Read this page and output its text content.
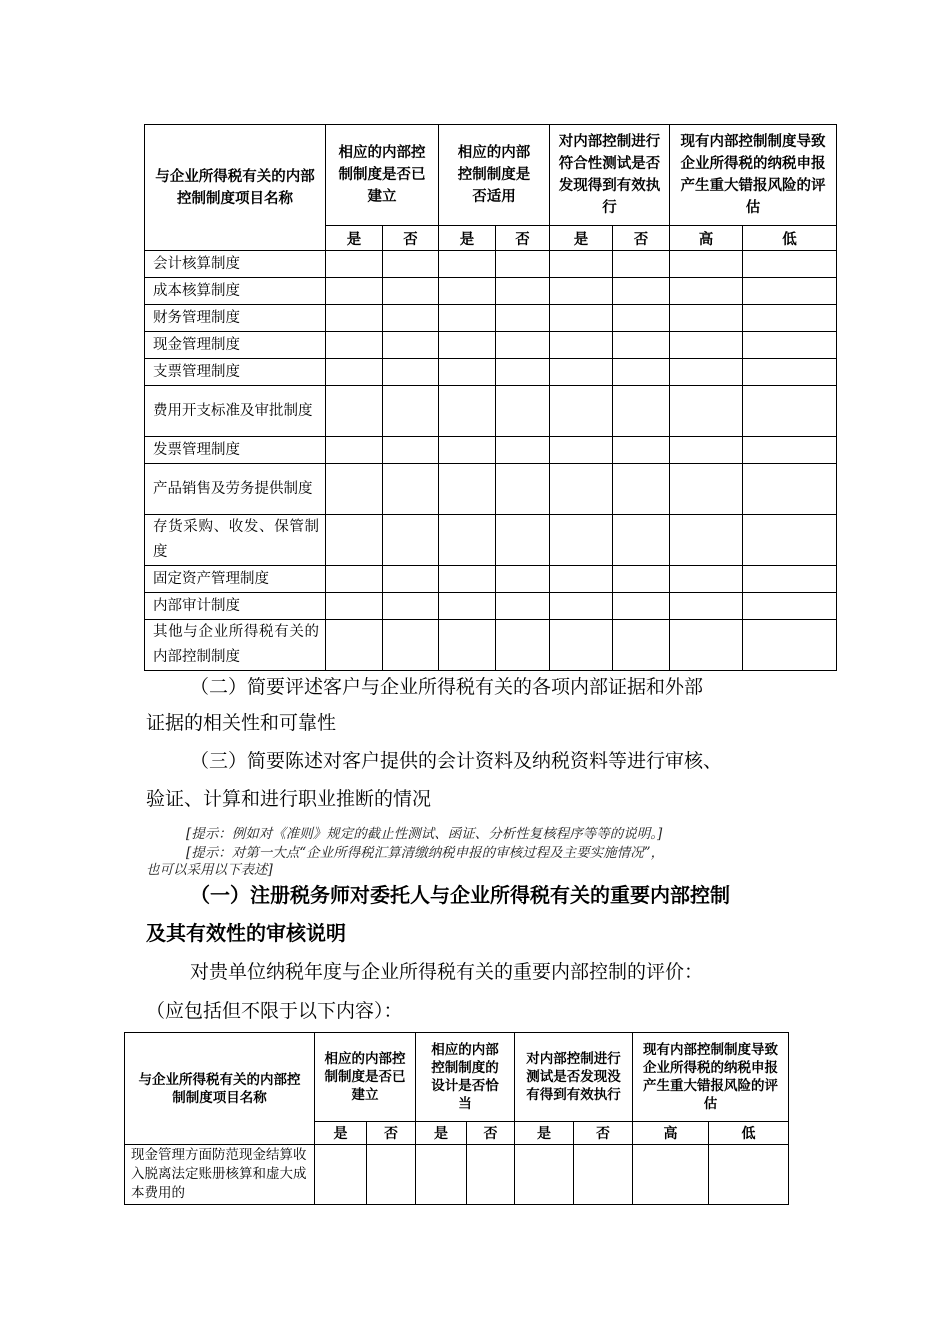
与企业所得税有关的内部控制制度项目名称	相应的内部控制制度是否已建立		相应的内部控制制度是否适用		对内部控制进行符合性测试是否发现得到有效执行		现有内部控制制度导致企业所得税的纳税申报产生重大错报风险的评估	
	是	否	是	否	是	否	高	低
会计核算制度								
成本核算制度								
财务管理制度								
现金管理制度								
支票管理制度								
费用开支标准及审批制度								
发票管理制度								
产品销售及劳务提供制度								
存货采购、收发、保管制度								
固定资产管理制度								
内部审计制度								
其他与企业所得税有关的内部控制制度								
（二）简要评述客户与企业所得税有关的各项内部证据和外部
证据的相关性和可靠性
（三）简要陈述对客户提供的会计资料及纳税资料等进行审核、
验证、计算和进行职业推断的情况
[提示：例如对《准则》规定的截止性测试、函证、分析性复核程序等等的说明。]
[提示：对第一大点“企业所得税汇算清缴纳税申报的审核过程及主要实施情况”，
也可以采用以下表述]
（一）注册税务师对委托人与企业所得税有关的重要内部控制
及其有效性的审核说明
对贵单位纳税年度与企业所得税有关的重要内部控制的评价：
（应包括但不限于以下内容）：
与企业所得税有关的内部控制制度项目名称	相应的内部控制制度是否已建立		相应的内部控制制度的设计是否恰当		对内部控制进行测试是否发现没有得到有效执行		现有内部控制制度导致企业所得税的纳税申报产生重大错报风险的评估	
	是	否	是	否	是	否	高	低
现金管理方面防范现金结算收入脱离法定账册核算和虚大成本费用的								
